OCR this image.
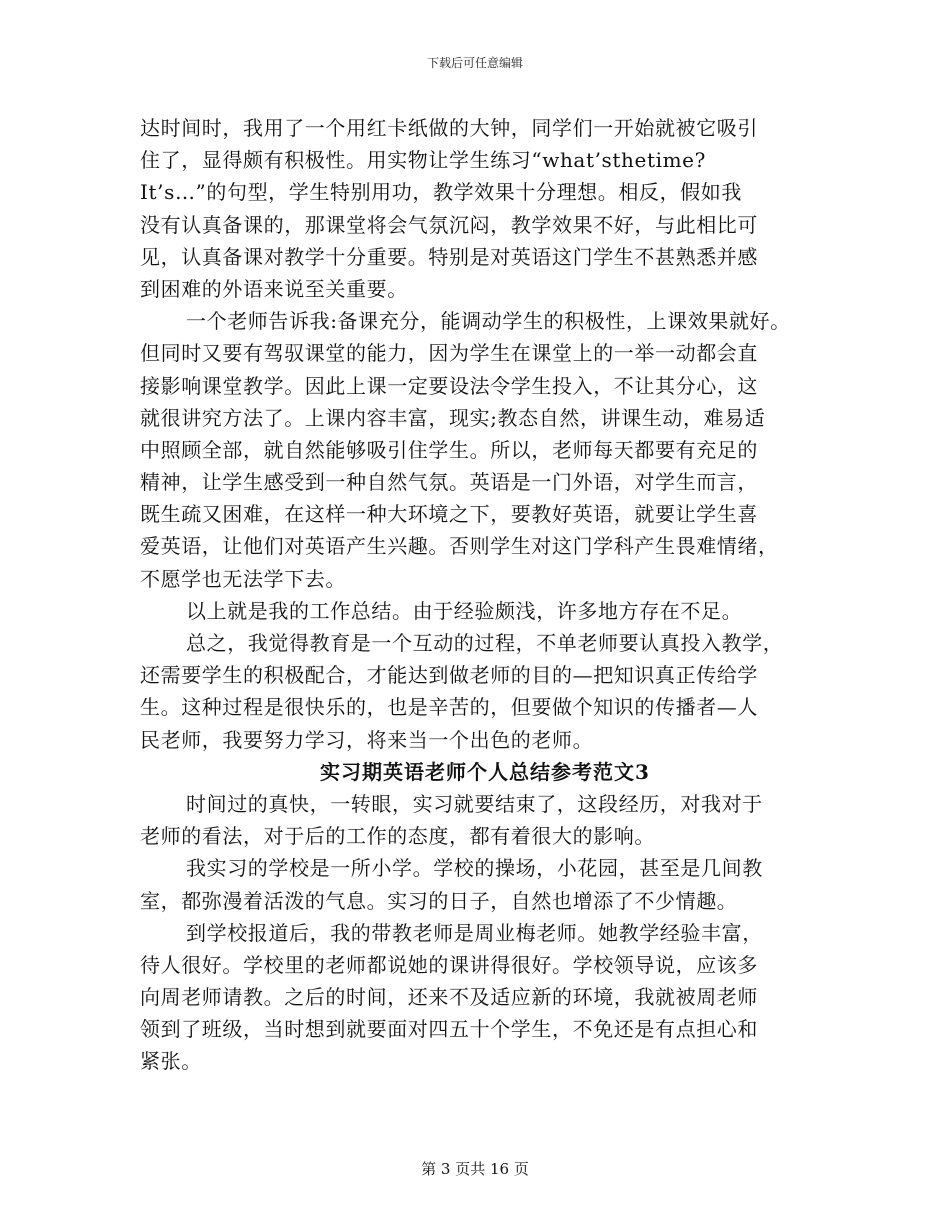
下载后可任意编辑
达时间时，我用了一个用红卡纸做的大钟，同学们一开始就被它吸引
住了，显得颇有积极性。用实物让学生练习“what’sthetime?
It’s…”的句型，学生特别用功，教学效果十分理想。相反，假如我
没有认真备课的，那课堂将会气氛沉闷，教学效果不好，与此相比可
见，认真备课对教学十分重要。特别是对英语这门学生不甚熟悉并感
到困难的外语来说至关重要。
一个老师告诉我:备课充分，能调动学生的积极性，上课效果就好。
但同时又要有驾驭课堂的能力，因为学生在课堂上的一举一动都会直
接影响课堂教学。因此上课一定要设法令学生投入，不让其分心，这
就很讲究方法了。上课内容丰富，现实;教态自然，讲课生动，难易适
中照顾全部，就自然能够吸引住学生。所以，老师每天都要有充足的
精神，让学生感受到一种自然气氛。英语是一门外语，对学生而言，
既生疏又困难，在这样一种大环境之下，要教好英语，就要让学生喜
爱英语，让他们对英语产生兴趣。否则学生对这门学科产生畏难情绪，
不愿学也无法学下去。
以上就是我的工作总结。由于经验颇浅，许多地方存在不足。
总之，我觉得教育是一个互动的过程，不单老师要认真投入教学，
还需要学生的积极配合，才能达到做老师的目的—把知识真正传给学
生。这种过程是很快乐的，也是辛苦的，但要做个知识的传播者—人
民老师，我要努力学习，将来当一个出色的老师。
实习期英语老师个人总结参考范文3
时间过的真快，一转眼，实习就要结束了，这段经历，对我对于
老师的看法，对于后的工作的态度，都有着很大的影响。
我实习的学校是一所小学。学校的操场，小花园，甚至是几间教
室，都弥漫着活泼的气息。实习的日子，自然也增添了不少情趣。
到学校报道后，我的带教老师是周业梅老师。她教学经验丰富，
待人很好。学校里的老师都说她的课讲得很好。学校领导说，应该多
向周老师请教。之后的时间，还来不及适应新的环境，我就被周老师
领到了班级，当时想到就要面对四五十个学生，不免还是有点担心和
紧张。
第 3 页共 16 页
